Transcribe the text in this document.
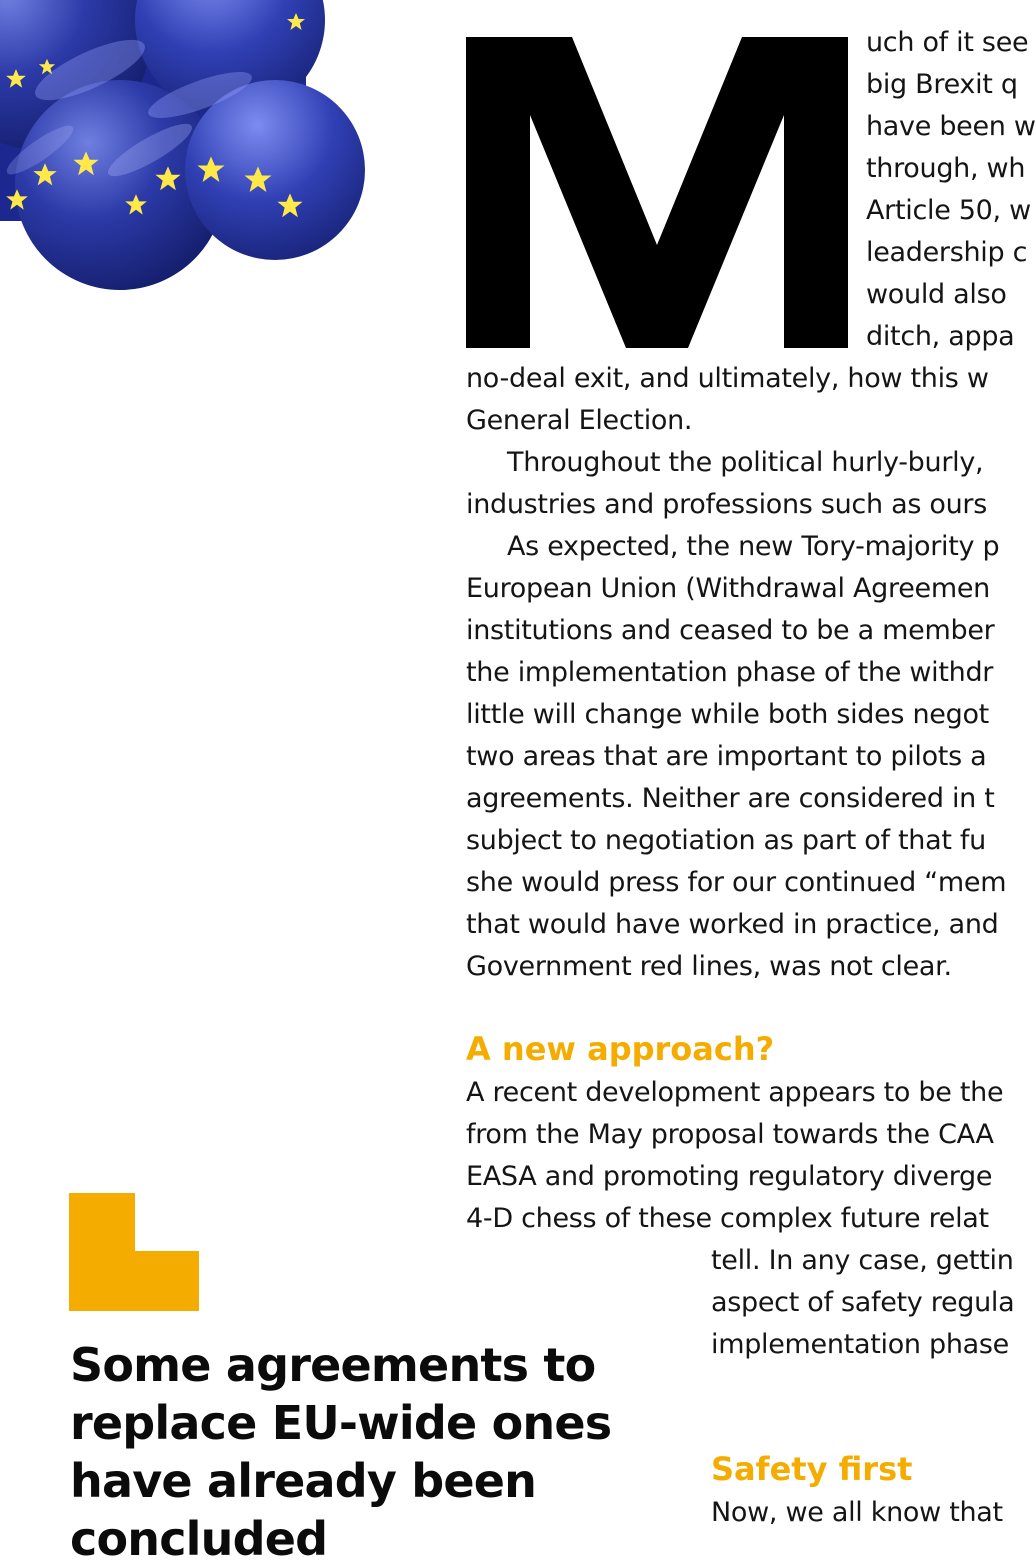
uch of it see
big Brexit q
have been w
through, wh
Article 50, w
leadership c
would also
ditch, appa
no-deal exit, and ultimately, how this w
General Election.
Throughout the political hurly-burly,
industries and professions such as ours
As expected, the new Tory-majority p
European Union (Withdrawal Agreemen
institutions and ceased to be a member
the implementation phase of the withdr
little will change while both sides negot
two areas that are important to pilots a
agreements. Neither are considered in t
subject to negotiation as part of that fu
she would press for our continued “mem
that would have worked in practice, and
Government red lines, was not clear.
A new approach?
A recent development appears to be the
from the May proposal towards the CAA
EASA and promoting regulatory diverge
4-D chess of these complex future relat
tell. In any case, gettin
aspect of safety regula
implementation phase
Safety first
Now, we all know that
Some agreements to
replace EU-wide ones
have already been
concluded
